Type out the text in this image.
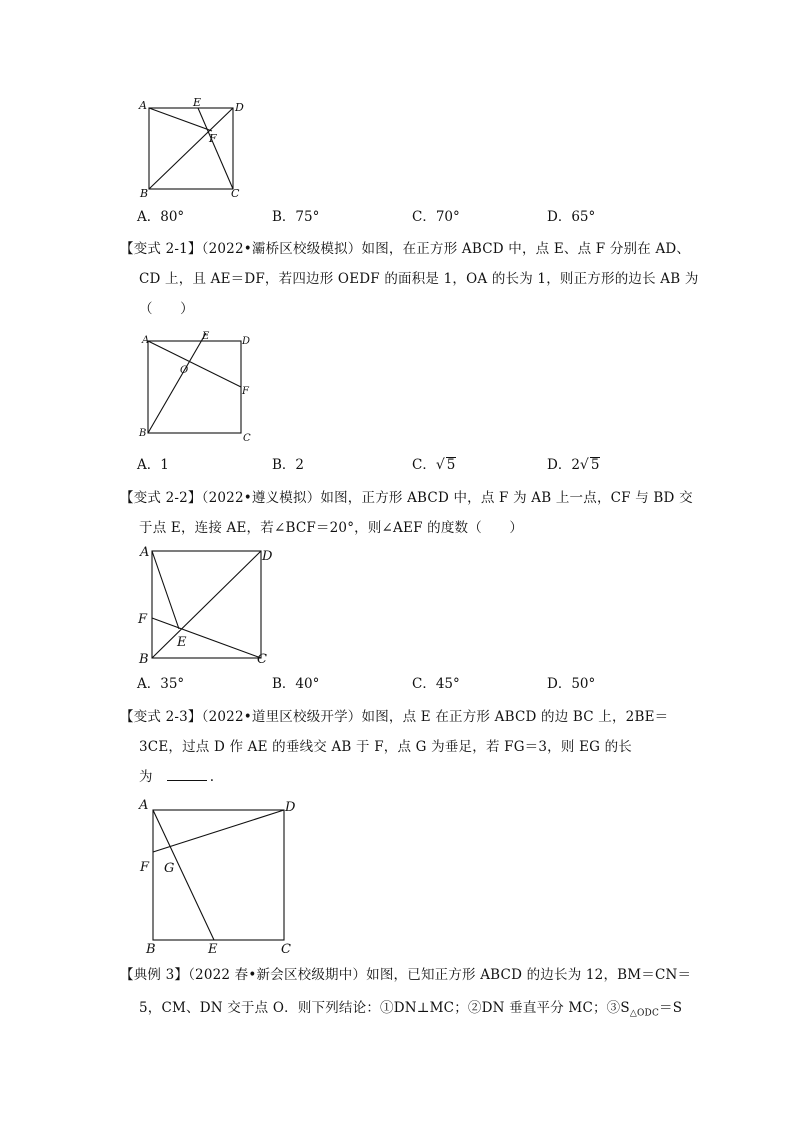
A	E	D
F
B	C
A．80°	B．75°	C．70°	D．65°
【变式 2-1】（2022•灞桥区校级模拟）如图，在正方形 ABCD 中，点 E、点 F 分别在 AD、
CD 上，且 AE＝DF，若四边形 OEDF 的面积是 1，OA 的长为 1，则正方形的边长 AB 为
（　　）
A	E	D
O
F
B	C
A．1	B．2	C．√ 5	D．2√ 5
【变式 2-2】（2022•遵义模拟）如图，正方形 ABCD 中，点 F 为 AB 上一点，CF 与 BD 交
于点 E，连接 AE，若∠BCF＝20°，则∠AEF 的度数（　　）
A	D
F
E
B	C
A．35°	B．40°	C．45°	D．50°
【变式 2-3】（2022•道里区校级开学）如图，点 E 在正方形 ABCD 的边 BC 上，2BE＝
3CE，过点 D 作 AE 的垂线交 AB 于 F，点 G 为垂足，若 FG＝3，则 EG 的长
为	.
A	D
F G
B	E	C
【典例 3】（2022 春•新会区校级期中）如图，已知正方形 ABCD 的边长为 12，BM＝CN＝
5，CM、DN 交于点 O．则下列结论：①DN⊥MC；②DN 垂直平分 MC；$③S_{\triangle ODC}=S$
